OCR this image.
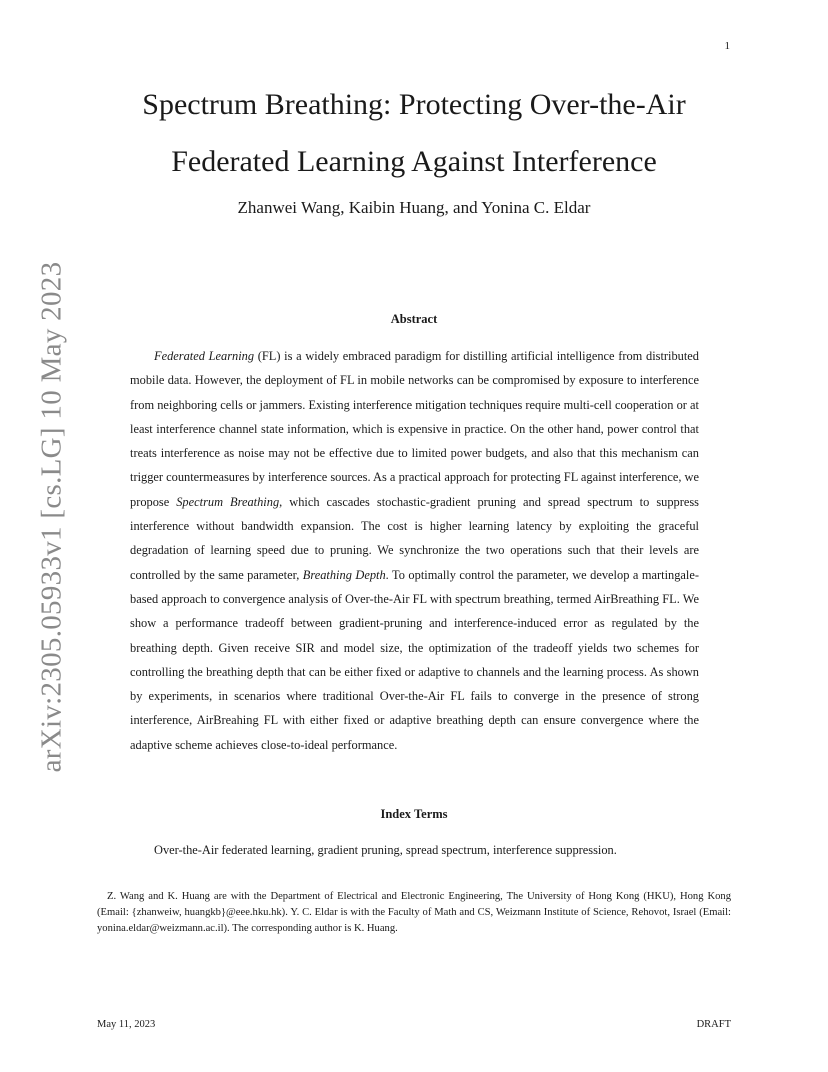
1
arXiv:2305.05933v1 [cs.LG] 10 May 2023
Spectrum Breathing: Protecting Over-the-Air
Federated Learning Against Interference
Zhanwei Wang, Kaibin Huang, and Yonina C. Eldar
Abstract

Federated Learning (FL) is a widely embraced paradigm for distilling artificial intelligence from distributed mobile data. However, the deployment of FL in mobile networks can be compromised by exposure to interference from neighboring cells or jammers. Existing interference mitigation techniques require multi-cell cooperation or at least interference channel state information, which is expensive in practice. On the other hand, power control that treats interference as noise may not be effective due to limited power budgets, and also that this mechanism can trigger countermeasures by interference sources. As a practical approach for protecting FL against interference, we propose Spectrum Breathing, which cascades stochastic-gradient pruning and spread spectrum to suppress interference without bandwidth expansion. The cost is higher learning latency by exploiting the graceful degradation of learning speed due to pruning. We synchronize the two operations such that their levels are controlled by the same parameter, Breathing Depth. To optimally control the parameter, we develop a martingale-based approach to convergence analysis of Over-the-Air FL with spectrum breathing, termed AirBreathing FL. We show a performance tradeoff between gradient-pruning and interference-induced error as regulated by the breathing depth. Given receive SIR and model size, the optimization of the tradeoff yields two schemes for controlling the breathing depth that can be either fixed or adaptive to channels and the learning process. As shown by experiments, in scenarios where traditional Over-the-Air FL fails to converge in the presence of strong interference, AirBreahing FL with either fixed or adaptive breathing depth can ensure convergence where the adaptive scheme achieves close-to-ideal performance.

Index Terms
Over-the-Air federated learning, gradient pruning, spread spectrum, interference suppression.

Z. Wang and K. Huang are with the Department of Electrical and Electronic Engineering, The University of Hong Kong (HKU), Hong Kong (Email: {zhanweiw, huangkb}@eee.hku.hk). Y. C. Eldar is with the Faculty of Math and CS, Weizmann Institute of Science, Rehovot, Israel (Email: yonina.eldar@weizmann.ac.il). The corresponding author is K. Huang.

May 11, 2023	DRAFT
